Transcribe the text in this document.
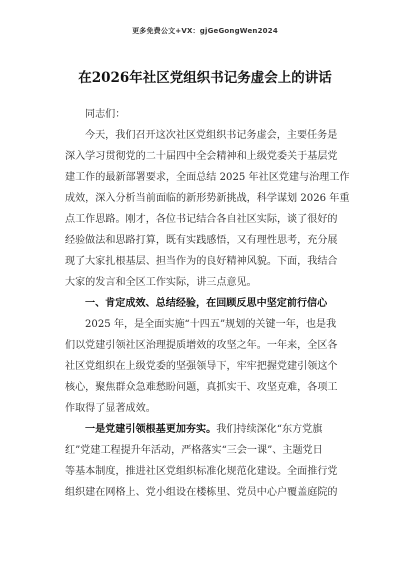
更多免费公文+VX：gjGeGongWen2024
在2026年社区党组织书记务虚会上的讲话

同志们：

今天，我们召开这次社区党组织书记务虚会，主要任务是

深入学习贯彻党的二十届四中全会精神和上级党委关于基层党

建工作的最新部署要求，全面总结 2025 年社区党建与治理工作

成效，深入分析当前面临的新形势新挑战，科学谋划 2026 年重

点工作思路。刚才，各位书记结合各自社区实际，谈了很好的

经验做法和思路打算，既有实践感悟，又有理性思考，充分展

现了大家扎根基层、担当作为的良好精神风貌。下面，我结合

大家的发言和全区工作实际，讲三点意见。

一、肯定成效、总结经验，在回顾反思中坚定前行信心

2025 年，是全面实施“十四五”规划的关键一年，也是我

们以党建引领社区治理提质增效的攻坚之年。一年来，全区各

社区党组织在上级党委的坚强领导下，牢牢把握党建引领这个

核心，聚焦群众急难愁盼问题，真抓实干、攻坚克难，各项工

作取得了显著成效。

一是党建引领根基更加夯实。我们持续深化“东方党旗

红”党建工程提升年活动，严格落实“三会一课”、主题党日

等基本制度，推进社区党组织标准化规范化建设。全面推行党

组织建在网格上、党小组设在楼栋里、党员中心户覆盖庭院的
